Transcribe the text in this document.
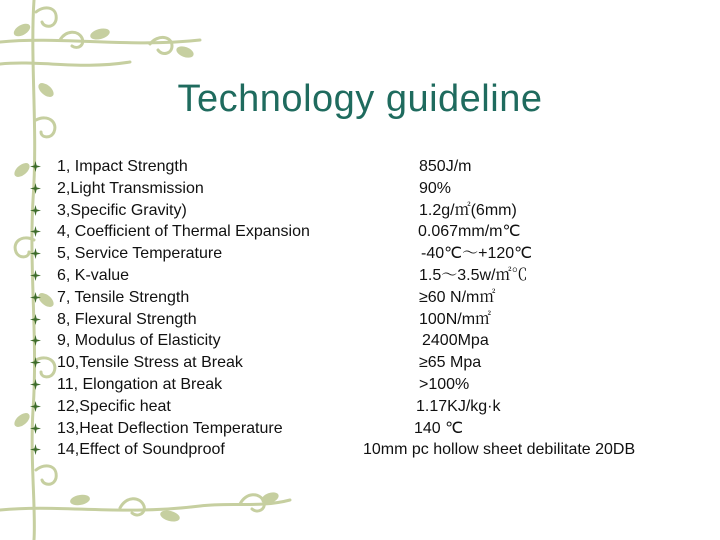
Technology guideline
1, Impact Strength	850J/m
2,Light Transmission	90%
3,Specific Gravity)	1.2g/㎡(6mm)
4, Coefficient of Thermal Expansion	0.067mm/m℃
5, Service Temperature	-40℃～+120℃
6, K-value	1.5～3.5w/㎡℃
7, Tensile Strength	≥60 N/m㎡
8, Flexural Strength	100N/m㎡
9, Modulus of Elasticity	2400Mpa
10,Tensile Stress at Break	≥65 Mpa
11, Elongation at Break	>100%
12,Specific heat	1.17KJ/kg·k
13,Heat Deflection Temperature	140 ℃
14,Effect of Soundproof	10mm pc hollow sheet debilitate 20DB
